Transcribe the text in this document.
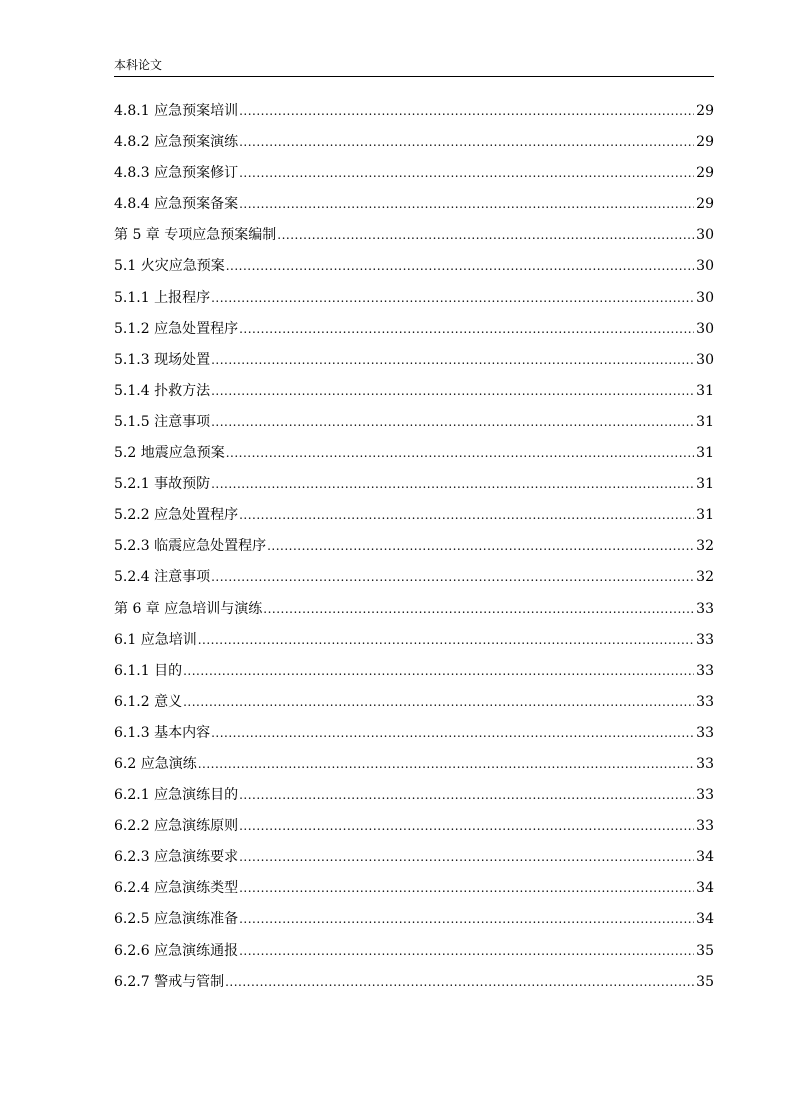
本科论文
4.8.1 应急预案培训 .....	29
4.8.2 应急预案演练 .....	29
4.8.3 应急预案修订 .....	29
4.8.4 应急预案备案 .....	29
第 5 章 专项应急预案编制 .....	30
5.1 火灾应急预案 .....	30
5.1.1 上报程序 .....	30
5.1.2 应急处置程序 .....	30
5.1.3 现场处置 .....	30
5.1.4 扑救方法 .....	31
5.1.5 注意事项 .....	31
5.2 地震应急预案 .....	31
5.2.1 事故预防 .....	31
5.2.2 应急处置程序 .....	31
5.2.3 临震应急处置程序 .....	32
5.2.4 注意事项 .....	32
第 6 章 应急培训与演练 .....	33
6.1 应急培训 .....	33
6.1.1 目的 .....	33
6.1.2 意义 .....	33
6.1.3 基本内容 .....	33
6.2 应急演练 .....	33
6.2.1 应急演练目的 .....	33
6.2.2 应急演练原则 .....	33
6.2.3 应急演练要求 .....	34
6.2.4 应急演练类型 .....	34
6.2.5 应急演练准备 .....	34
6.2.6 应急演练通报 .....	35
6.2.7 警戒与管制 .....	35
